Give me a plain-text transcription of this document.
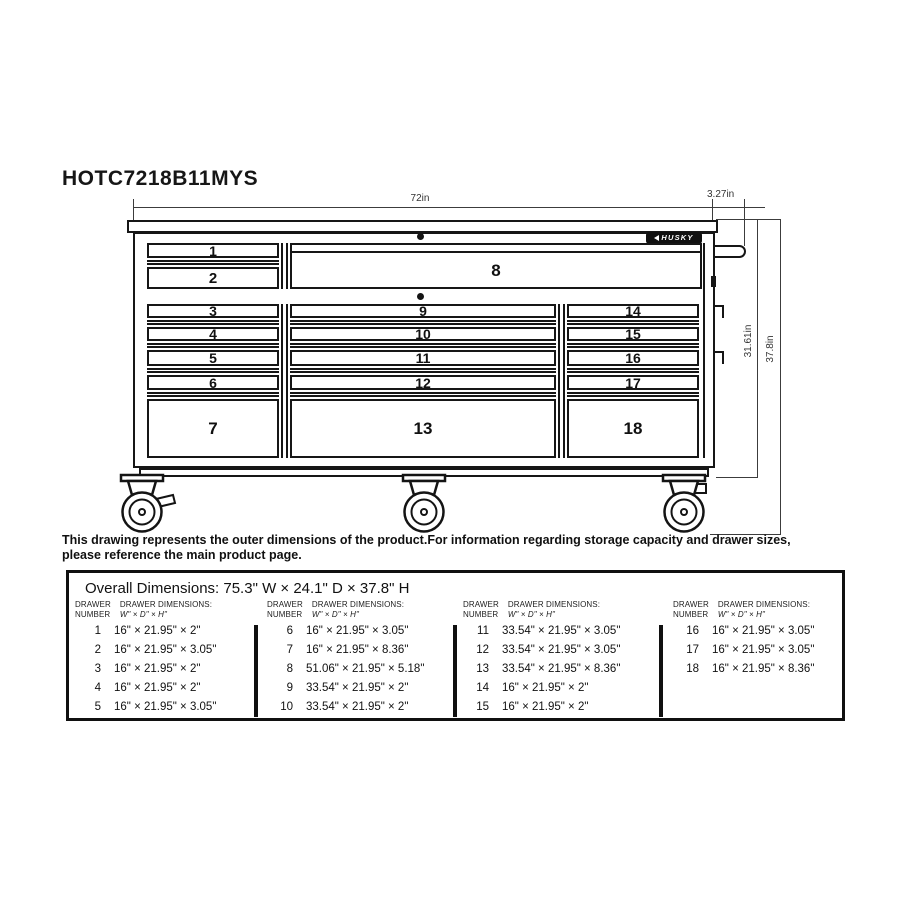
HOTC7218B11MYS
HUSKY
1
2	8
3
4
5
6
7
9
10
11
12
13
14
15
16
17
18
72in	3.27in
31.61in 37.8in
This drawing represents the outer dimensions of the product.For information regarding storage capacity and drawer sizes,
please reference the main product page.
Overall Dimensions: 75.3" W × 24.1" D × 37.8" H
DRAWER
NUMBER
DRAWER DIMENSIONS:
W" × D" × H"
1 16" × 21.95" × 2"
2 16" × 21.95" × 3.05"
3 16" × 21.95" × 2"
4 16" × 21.95" × 2"
5 16" × 21.95" × 3.05"
DRAWER
NUMBER
DRAWER DIMENSIONS:
W" × D" × H"
6 16" × 21.95" × 3.05"
7 16" × 21.95" × 8.36"
8 51.06" × 21.95" × 5.18"
9 33.54" × 21.95" × 2"
10 33.54" × 21.95" × 2"
DRAWER
NUMBER
DRAWER DIMENSIONS:
W" × D" × H"
11 33.54" × 21.95" × 3.05"
12 33.54" × 21.95" × 3.05"
13 33.54" × 21.95" × 8.36"
14 16" × 21.95" × 2"
15 16" × 21.95" × 2"
DRAWER
NUMBER
DRAWER DIMENSIONS:
W" × D" × H"
16 16" × 21.95" × 3.05"
17 16" × 21.95" × 3.05"
18 16" × 21.95" × 8.36"
